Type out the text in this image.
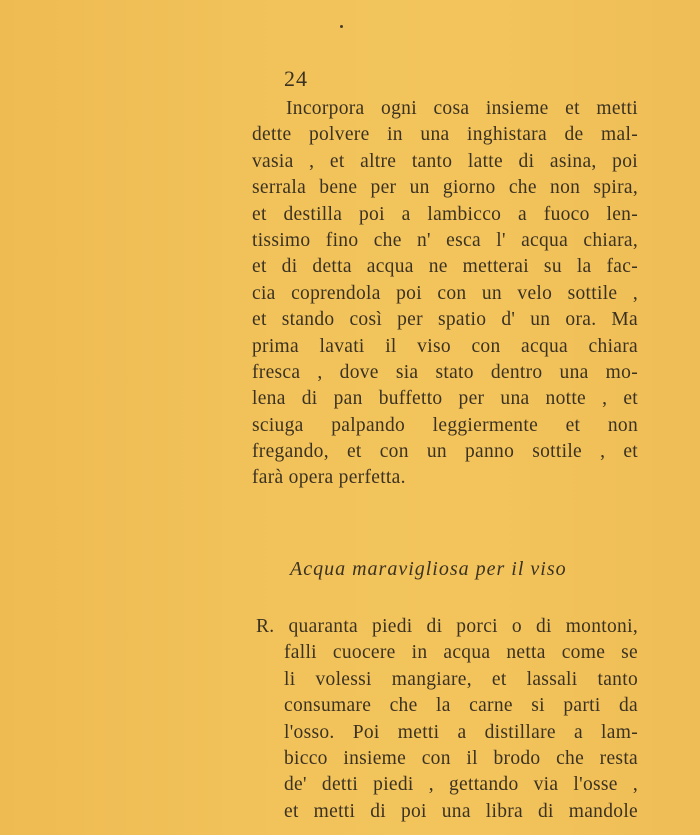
24
Incorpora ogni cosa insieme et metti
dette polvere in una inghistara de mal-
vasia , et altre tanto latte di asina, poi
serrala bene per un giorno che non spira,
et destilla poi a lambicco a fuoco len-
tissimo fino che n' esca l' acqua chiara,
et di detta acqua ne metterai su la fac-
cia coprendola poi con un velo sottile ,
et stando così per spatio d' un ora. Ma
prima lavati il viso con acqua chiara
fresca , dove sia stato dentro una mo-
lena di pan buffetto per una notte , et
sciuga palpando leggiermente et non
fregando, et con un panno sottile , et
farà opera perfetta.
Acqua maravigliosa per il viso
R. quaranta piedi di porci o di montoni,
falli cuocere in acqua netta come se
li volessi mangiare, et lassali tanto
consumare che la carne si parti da
l'osso. Poi metti a distillare a lam-
bicco insieme con il brodo che resta
de' detti piedi , gettando via l'osse ,
et metti di poi una libra di mandole
